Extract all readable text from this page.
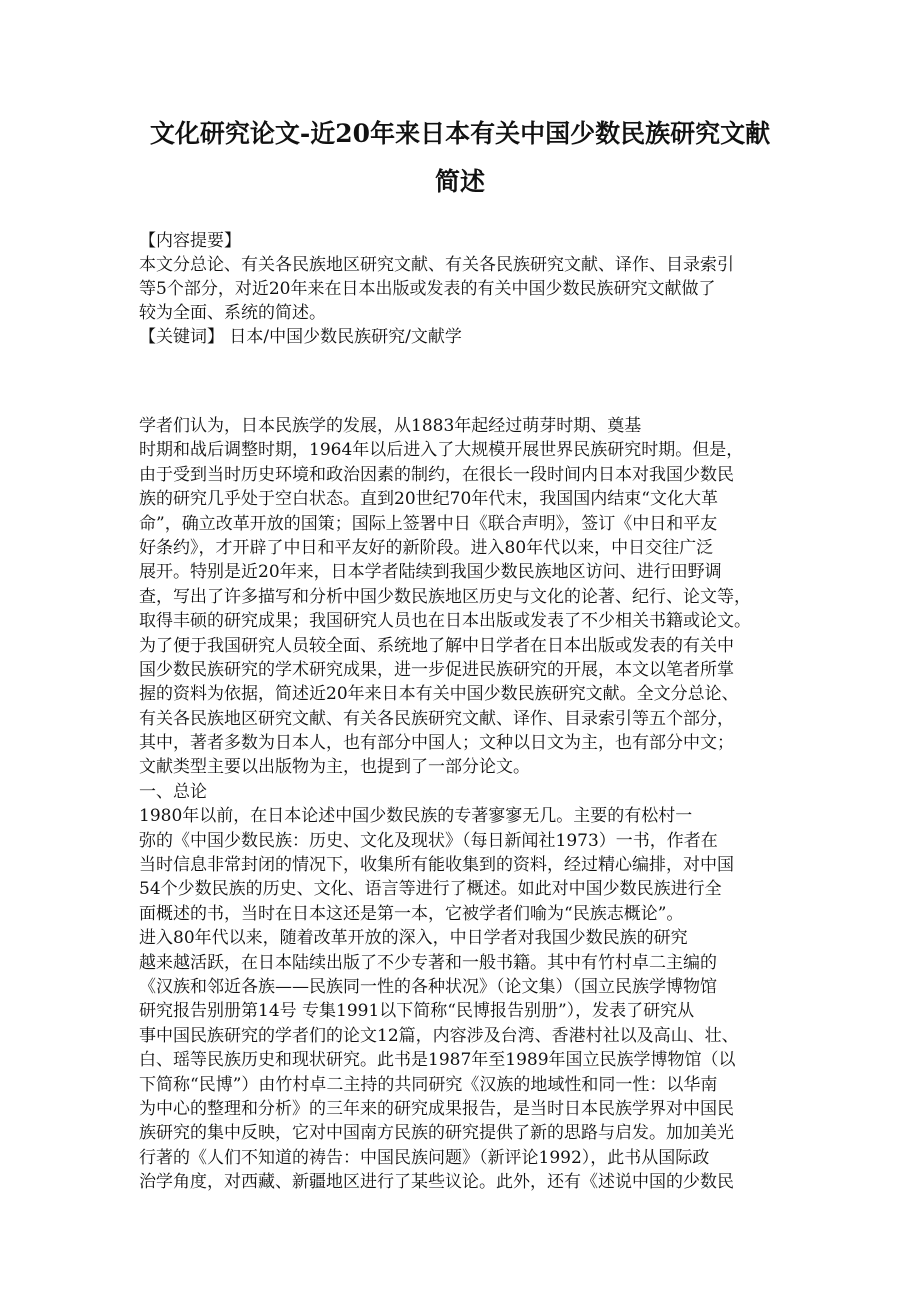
文化研究论文-近20年来日本有关中国少数民族研究文献
简述
【内容提要】
本文分总论、有关各民族地区研究文献、有关各民族研究文献、译作、目录索引
等5个部分，对近20年来在日本出版或发表的有关中国少数民族研究文献做了
较为全面、系统的简述。
【关键词】 日本/中国少数民族研究/文献学
学者们认为，日本民族学的发展，从1883年起经过萌芽时期、奠基
时期和战后调整时期，1964年以后进入了大规模开展世界民族研究时期。但是，
由于受到当时历史环境和政治因素的制约，在很长一段时间内日本对我国少数民
族的研究几乎处于空白状态。直到20世纪70年代末，我国国内结束“文化大革
命”，确立改革开放的国策；国际上签署中日《联合声明》，签订《中日和平友
好条约》，才开辟了中日和平友好的新阶段。进入80年代以来，中日交往广泛
展开。特别是近20年来，日本学者陆续到我国少数民族地区访问、进行田野调
查，写出了许多描写和分析中国少数民族地区历史与文化的论著、纪行、论文等，
取得丰硕的研究成果；我国研究人员也在日本出版或发表了不少相关书籍或论文。
为了便于我国研究人员较全面、系统地了解中日学者在日本出版或发表的有关中
国少数民族研究的学术研究成果，进一步促进民族研究的开展，本文以笔者所掌
握的资料为依据，简述近20年来日本有关中国少数民族研究文献。全文分总论、
有关各民族地区研究文献、有关各民族研究文献、译作、目录索引等五个部分，
其中，著者多数为日本人，也有部分中国人；文种以日文为主，也有部分中文；
文献类型主要以出版物为主，也提到了一部分论文。
一、总论
1980年以前，在日本论述中国少数民族的专著寥寥无几。主要的有松村一
弥的《中国少数民族：历史、文化及现状》（每日新闻社1973）一书，作者在
当时信息非常封闭的情况下，收集所有能收集到的资料，经过精心编排，对中国
54个少数民族的历史、文化、语言等进行了概述。如此对中国少数民族进行全
面概述的书，当时在日本这还是第一本，它被学者们喻为“民族志概论”。
进入80年代以来，随着改革开放的深入，中日学者对我国少数民族的研究
越来越活跃，在日本陆续出版了不少专著和一般书籍。其中有竹村卓二主编的
《汉族和邻近各族——民族同一性的各种状况》（论文集）（国立民族学博物馆
研究报告别册第14号 专集1991以下简称“民博报告别册”），发表了研究从
事中国民族研究的学者们的论文12篇，内容涉及台湾、香港村社以及高山、壮、
白、瑶等民族历史和现状研究。此书是1987年至1989年国立民族学博物馆（以
下简称“民博”）由竹村卓二主持的共同研究《汉族的地域性和同一性：以华南
为中心的整理和分析》的三年来的研究成果报告，是当时日本民族学界对中国民
族研究的集中反映，它对中国南方民族的研究提供了新的思路与启发。加加美光
行著的《人们不知道的祷告：中国民族问题》（新评论1992），此书从国际政
治学角度，对西藏、新疆地区进行了某些议论。此外，还有《述说中国的少数民
